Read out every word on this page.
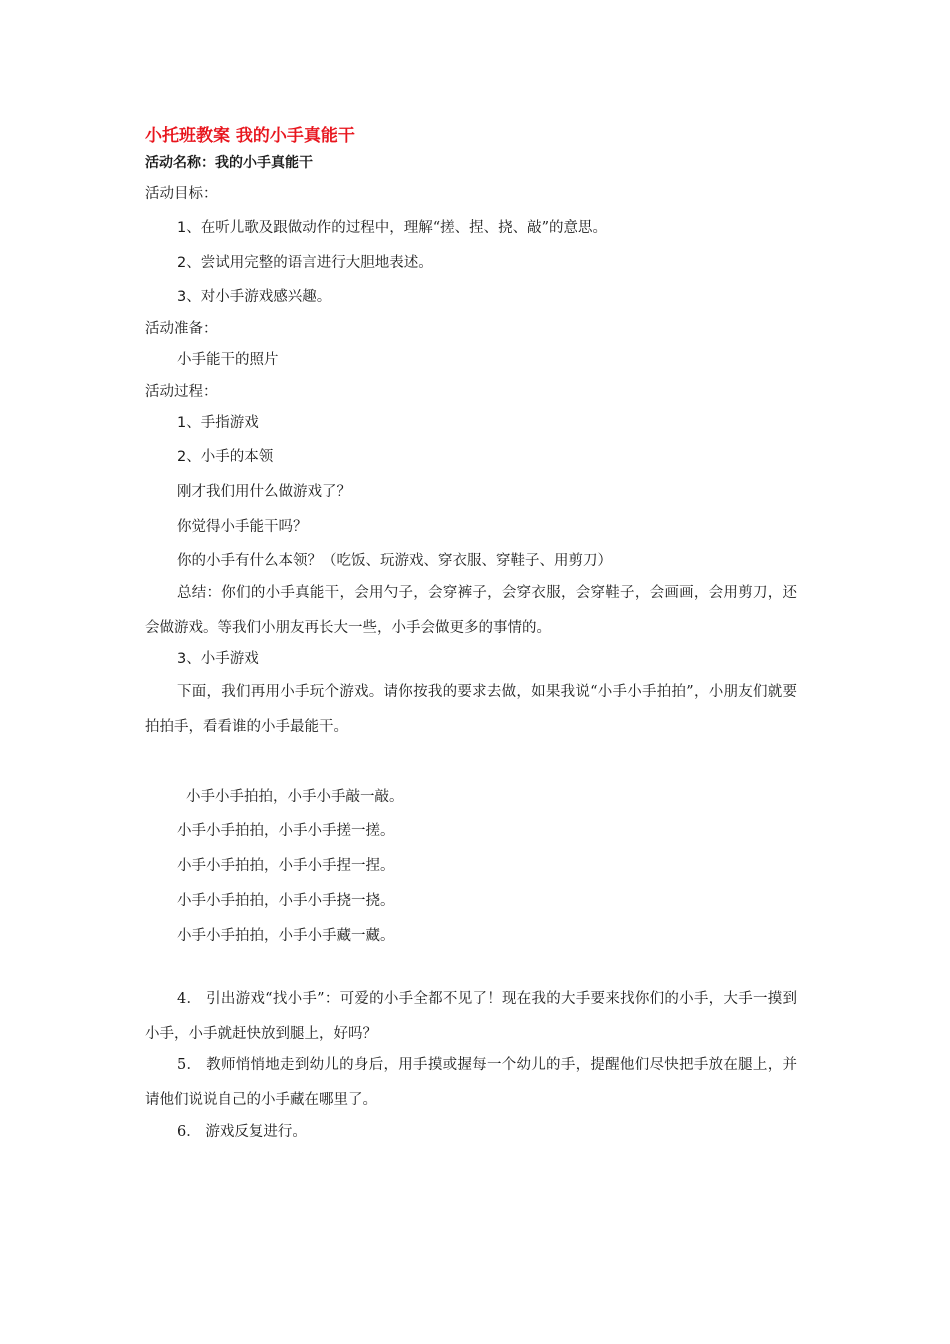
小托班教案 我的小手真能干
活动名称：我的小手真能干
活动目标：
1、在听儿歌及跟做动作的过程中，理解“搓、捏、挠、敲”的意思。
2、尝试用完整的语言进行大胆地表述。
3、对小手游戏感兴趣。
活动准备：
小手能干的照片
活动过程：
1、手指游戏
2、小手的本领
刚才我们用什么做游戏了？
你觉得小手能干吗？
你的小手有什么本领？（吃饭、玩游戏、穿衣服、穿鞋子、用剪刀）
总结：你们的小手真能干，会用勺子，会穿裤子，会穿衣服，会穿鞋子，会画画，会用剪刀，还会做游戏。等我们小朋友再长大一些，小手会做更多的事情的。
3、小手游戏
下面，我们再用小手玩个游戏。请你按我的要求去做，如果我说“小手小手拍拍”，小朋友们就要拍拍手，看看谁的小手最能干。
小手小手拍拍，小手小手敲一敲。
小手小手拍拍，小手小手搓一搓。
小手小手拍拍，小手小手捏一捏。
小手小手拍拍，小手小手挠一挠。
小手小手拍拍，小手小手藏一藏。
4． 引出游戏“找小手”：可爱的小手全都不见了！现在我的大手要来找你们的小手，大手一摸到小手，小手就赶快放到腿上，好吗？
5． 教师悄悄地走到幼儿的身后，用手摸或握每一个幼儿的手，提醒他们尽快把手放在腿上，并请他们说说自己的小手藏在哪里了。
6． 游戏反复进行。
